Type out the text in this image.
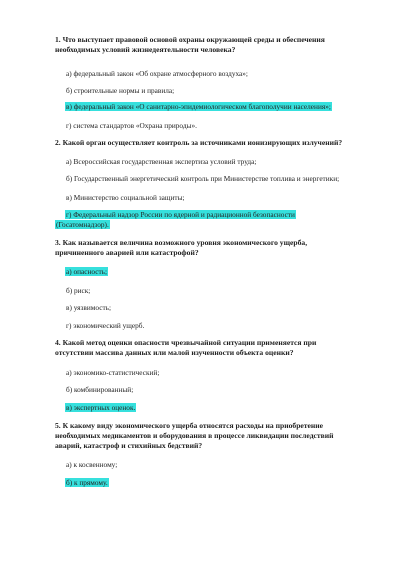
1. Что выступает правовой основой охраны окружающей среды и обеспечения
необходимых условий жизнедеятельности человека?
а) федеральный закон «Об охране атмосферного воздуха»;
б) строительные нормы и правила;
в) федеральный закон «О санитарно-эпидемиологическом благополучии населения»;
г) система стандартов «Охрана природы».
2. Какой орган осуществляет контроль за источниками ионизирующих излучений?
а) Всероссийская государственная экспертиза условий труда;
б) Государственный энергетический контроль при Министерстве топлива и энергетики;
в) Министерство социальной защиты;
г) Федеральный надзор России по ядерной и радиационной безопасности
(Госатомнадзор).
3. Как называется величина возможного уровня экономического ущерба,
причиненного аварией или катастрофой?
а) опасность;
б) риск;
в) уязвимость;
г) экономический ущерб.
4. Какой метод оценки опасности чрезвычайной ситуации применяется при
отсутствии массива данных или малой изученности объекта оценки?
а) экономико-статистический;
б) комбинированный;
в) экспертных оценок.
5. К какому виду экономического ущерба относятся расходы на приобретение
необходимых медикаментов и оборудования в процессе ликвидации последствий
аварий, катастроф и стихийных бедствий?
а) к косвенному;
б) к прямому.
